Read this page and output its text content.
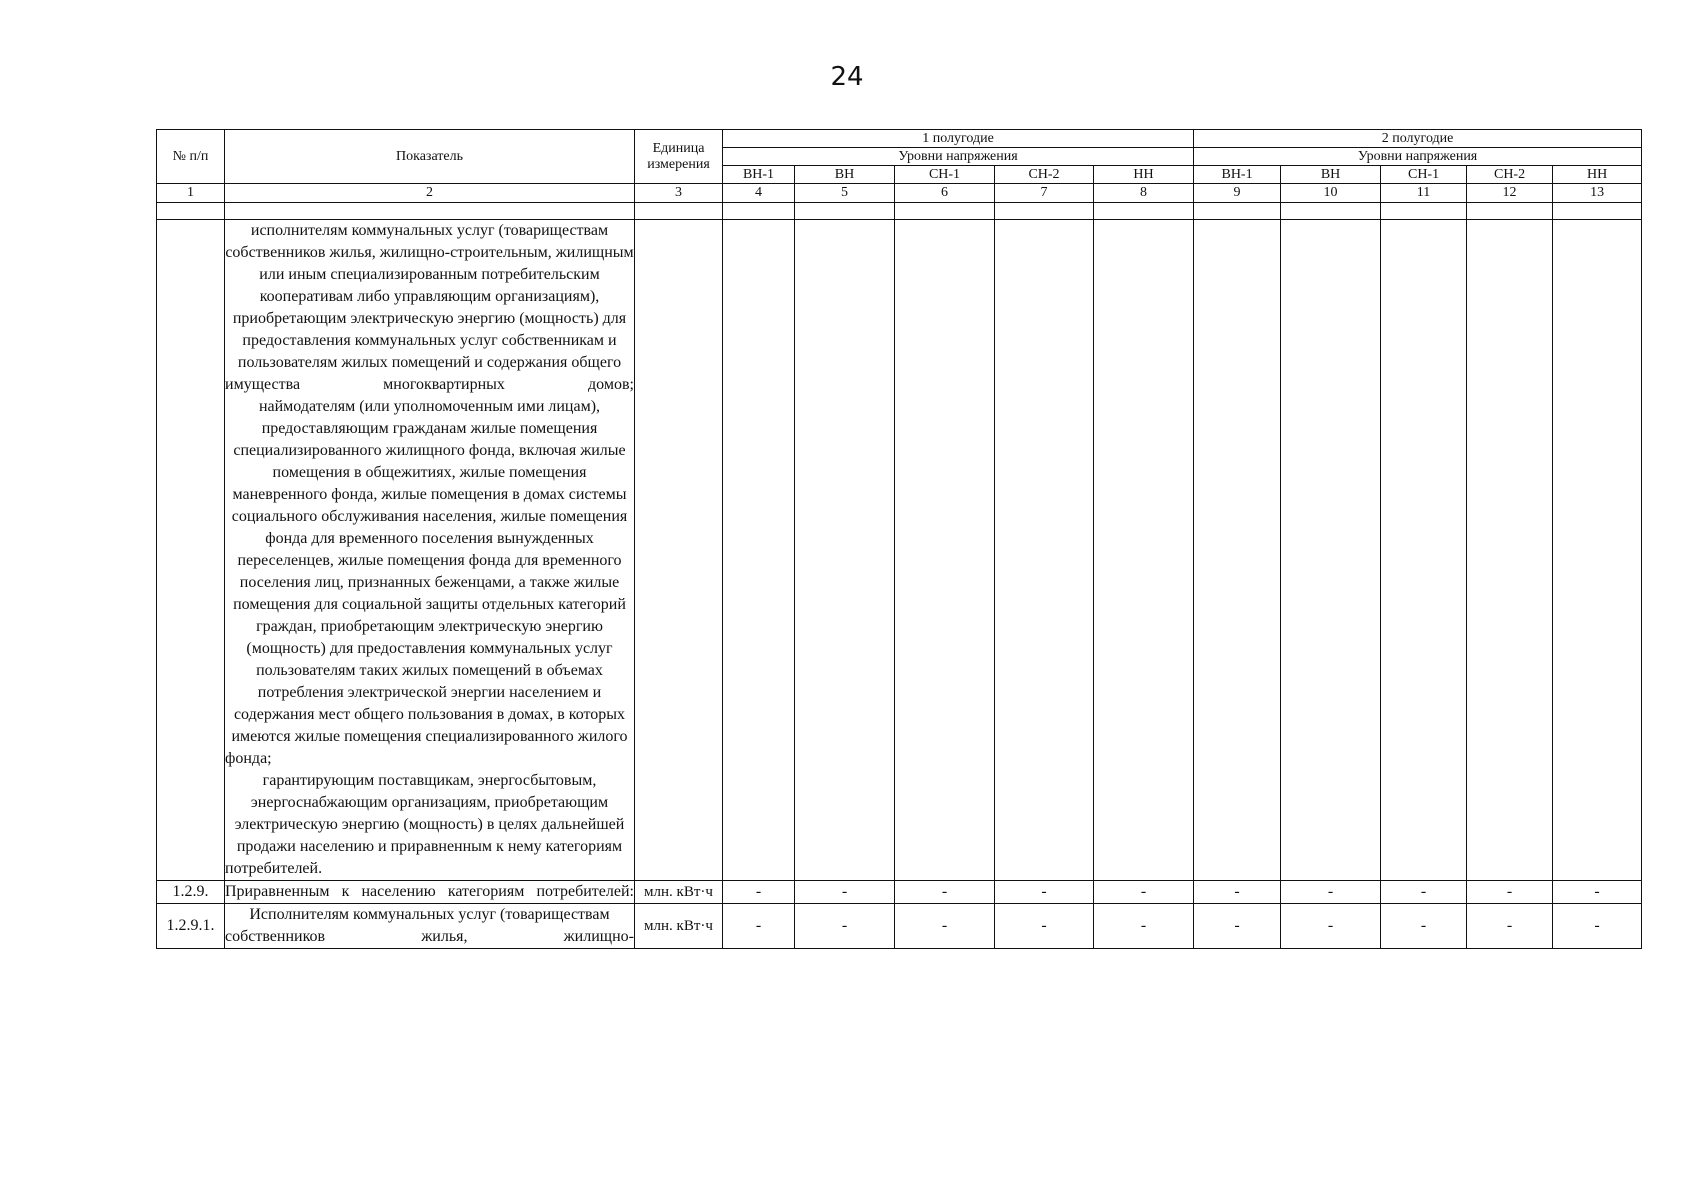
24
№ п/п	Показатель	Единица измерения	1 полугодие					2 полугодие				
			Уровни напряжения					Уровни напряжения				
			ВН-1	ВН	СН-1	СН-2	НН	ВН-1	ВН	СН-1	СН-2	НН
1	2	3	4	5	6	7	8	9	10	11	12	13

	исполнителям коммунальных услуг (товариществам собственников жилья, жилищно-строительным, жилищным или иным специализированным потребительским кооперативам либо управляющим организациям), приобретающим электрическую энергию (мощность) для предоставления коммунальных услуг собственникам и пользователям жилых помещений и содержания общего имущества многоквартирных домов;

наймодателям (или уполномоченным ими лицам), предоставляющим гражданам жилые помещения специализированного жилищного фонда, включая жилые помещения в общежитиях, жилые помещения маневренного фонда, жилые помещения в домах системы социального обслуживания населения, жилые помещения фонда для временного поселения вынужденных переселенцев, жилые помещения фонда для временного поселения лиц, признанных беженцами, а также жилые помещения для социальной защиты отдельных категорий граждан, приобретающим электрическую энергию (мощность) для предоставления коммунальных услуг пользователям таких жилых помещений в объемах потребления электрической энергии населением и содержания мест общего пользования в домах, в которых имеются жилые помещения специализированного жилого фонда;

гарантирующим поставщикам, энергосбытовым, энергоснабжающим организациям, приобретающим электрическую энергию (мощность) в целях дальнейшей продажи населению и приравненным к нему категориям потребителей.											

1.2.9.	Приравненным к населению категориям потребителей:	млн. кВт·ч	-	-	-	-	-	-	-	-	-	-
1.2.9.1.	Исполнителям коммунальных услуг (товариществам собственников жилья, жилищно-	млн. кВт·ч	-	-	-	-	-	-	-	-	-	-
